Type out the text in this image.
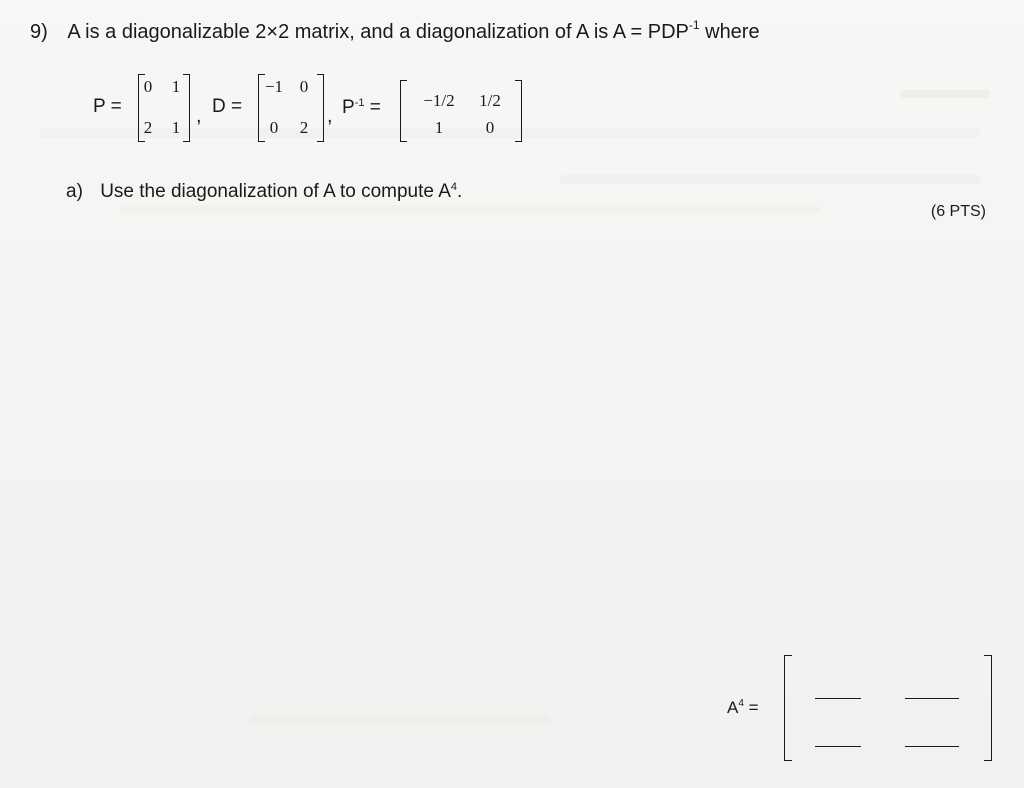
9) A is a diagonalizable 2×2 matrix, and a diagonalization of A is $A = PDP^{-1}$ where
P =
0	1
2	1
, D =
−1 0
0	2
, $P^{-1}$ =	−1/2	1/2
1	0
a) Use the diagonalization of A to compute $A^4$.
(6 PTS)
$A^4$ =
